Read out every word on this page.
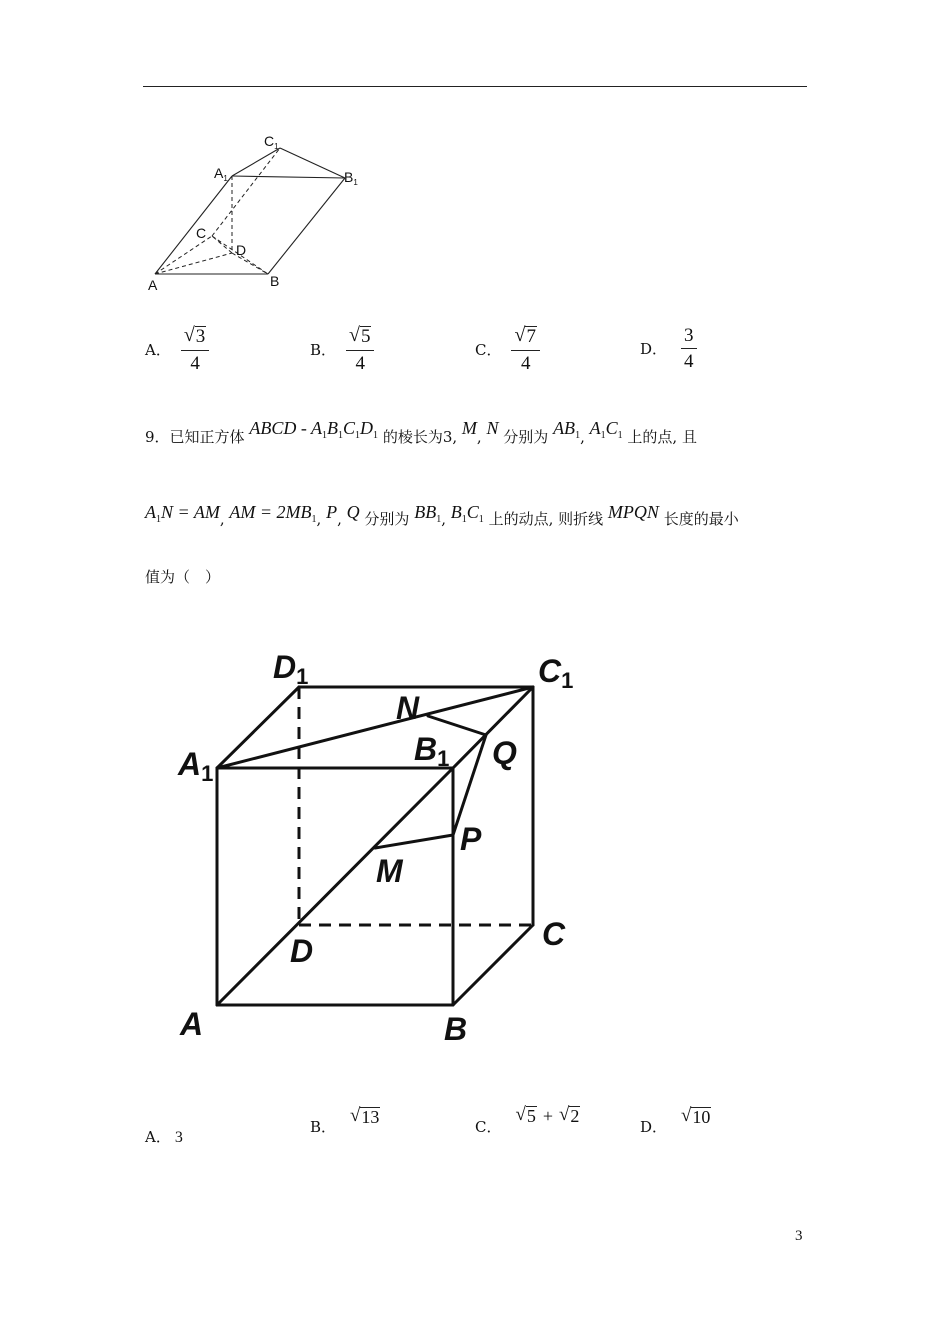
$C_1$
$A_1$	$B_1$
C
D
A	B
A． $\frac{√ 3}{4}$	B． $\frac{√ 5}{4}$	C． $\frac{√ 7}{4}$	D． $\frac{3}{4}$
9．已知正方体 ABCD - $A_1B_1C_1D_1$ 的棱长为3, M, N 分别为 $AB_1$, $A_1C_1$ 上的点, 且
$A_1N$ = AM, AM = $2MB_1$, P, Q 分别为 $BB_1$, $B_1C_1$ 上的动点, 则折线 MPQN 长度的最小
值为（　）
D1	C1
N
B1 Q
A1
P
M
D	C
A	B
A． 3
B．
√ 13	C．
√ 5 + √ 2
D．
√ 10
3
